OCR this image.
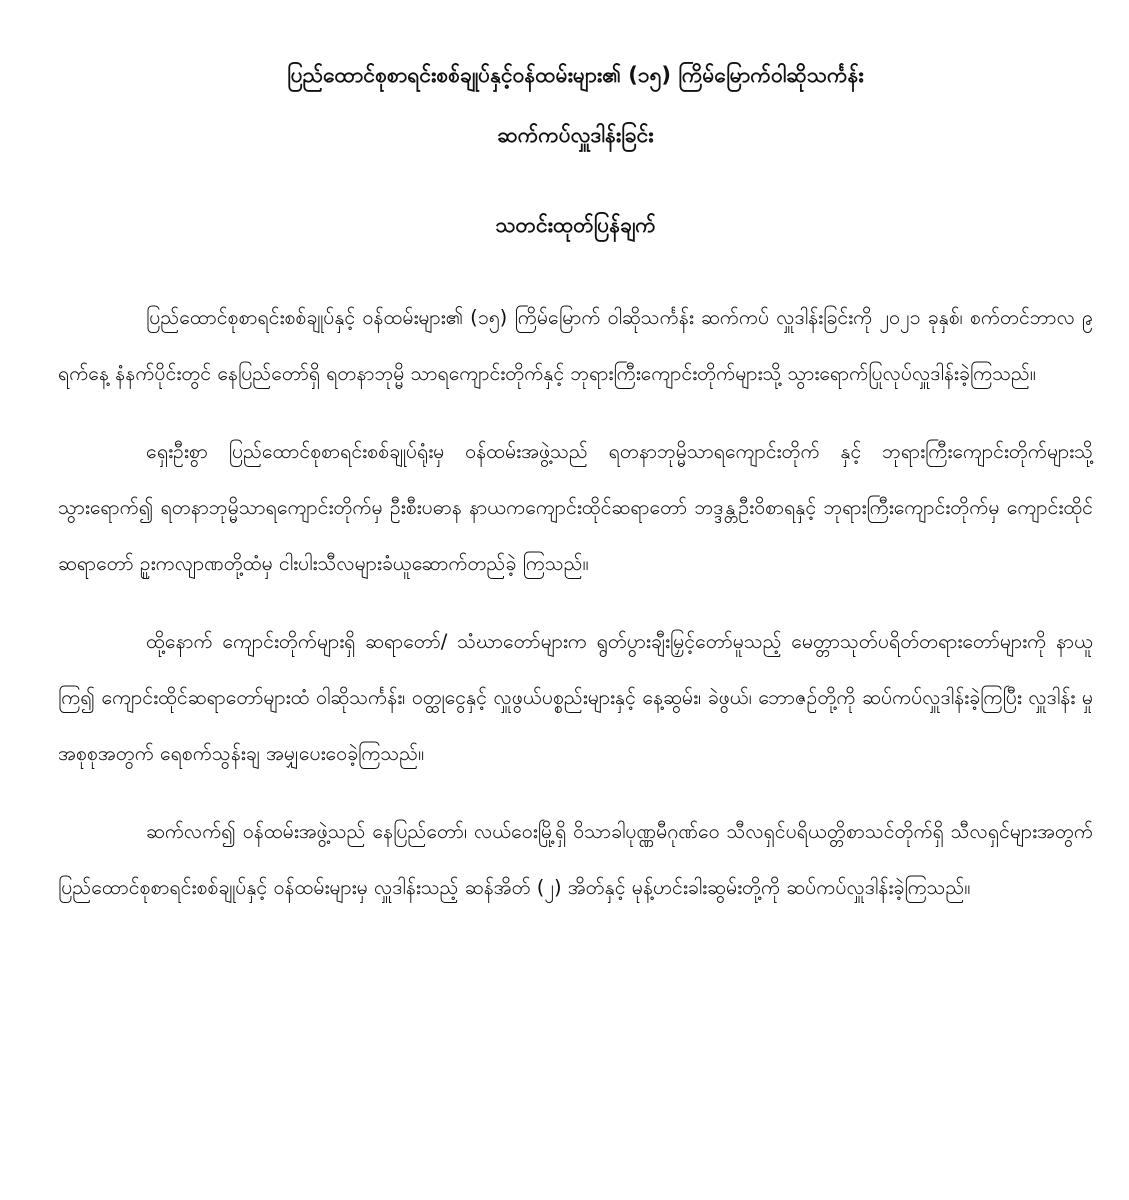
ပြည်ထောင်စုစာရင်းစစ်ချုပ်နှင့်ဝန်ထမ်းများ၏ (၁၅) ကြိမ်မြောက်ဝါဆိုသင်္ကန်း
ဆက်ကပ်လှူဒါန်းခြင်း
သတင်းထုတ်ပြန်ချက်

ပြည်ထောင်စုစာရင်းစစ်ချုပ်နှင့် ဝန်ထမ်းများ၏ (၁၅) ကြိမ်မြောက် ဝါဆိုသင်္ကန်း ဆက်ကပ် လှူဒါန်းခြင်းကို ၂၀၂၁ ခုနှစ်၊ စက်တင်ဘာလ ၉ ရက်နေ့ နံနက်ပိုင်းတွင် နေပြည်တော်ရှိ ရတနာဘုမ္မိ သာရကျောင်းတိုက်နှင့် ဘုရားကြီးကျောင်းတိုက်များသို့ သွားရောက်ပြုလုပ်လှူဒါန်းခဲ့ကြသည်။

ရှေးဦးစွာ ပြည်ထောင်စုစာရင်းစစ်ချုပ်ရုံးမှ ဝန်ထမ်းအဖွဲ့သည် ရတနာဘုမ္မိသာရကျောင်းတိုက် နှင့် ဘုရားကြီးကျောင်းတိုက်များသို့ သွားရောက်၍ ရတနာဘုမ္မိသာရကျောင်းတိုက်မှ ဦးစီးပဓာန နာယကကျောင်းထိုင်ဆရာတော် ဘဒ္ဒန္တဦးဝိစာရနှင့် ဘုရားကြီးကျောင်းတိုက်မှ ကျောင်းထိုင် ဆရာတော် ဉူးကလျာဏတို့ထံမှ ငါးပါးသီလများခံယူဆောက်တည်ခဲ့ ကြသည်။

ထို့နောက် ကျောင်းတိုက်များရှိ ဆရာတော်/ သံဃာတော်များက ရွတ်ပွားချီးမြှင့်တော်မူသည့် မေတ္တာသုတ်ပရိတ်တရားတော်များကို နာယူကြ၍ ကျောင်းထိုင်ဆရာတော်များထံ ဝါဆိုသင်္ကန်း၊ ဝတ္ထုငွေနှင့် လှူဖွယ်ပစ္စည်းများနှင့် နေ့ဆွမ်း၊ ခဲဖွယ်၊ ဘောဇဉ်တို့ကို ဆပ်ကပ်လှူဒါန်းခဲ့ကြပြီး လှူဒါန်း မှုအစုစုအတွက် ရေစက်သွန်းချ အမျှပေးဝေခဲ့ကြသည်။

ဆက်လက်၍ ဝန်ထမ်းအဖွဲ့သည် နေပြည်တော်၊ လယ်ဝေးမြို့ရှိ ဝိသာခါပုဏ္ဏမီဂုဏ်ဝေ သီလရှင်ပရိယတ္တိစာသင်တိုက်ရှိ သီလရှင်များအတွက် ပြည်ထောင်စုစာရင်းစစ်ချုပ်နှင့် ဝန်ထမ်းများမှ လှူဒါန်းသည့် ဆန်အိတ် (၂) အိတ်နှင့် မုန့်ဟင်းခါးဆွမ်းတို့ကို ဆပ်ကပ်လှူဒါန်းခဲ့ကြသည်။
